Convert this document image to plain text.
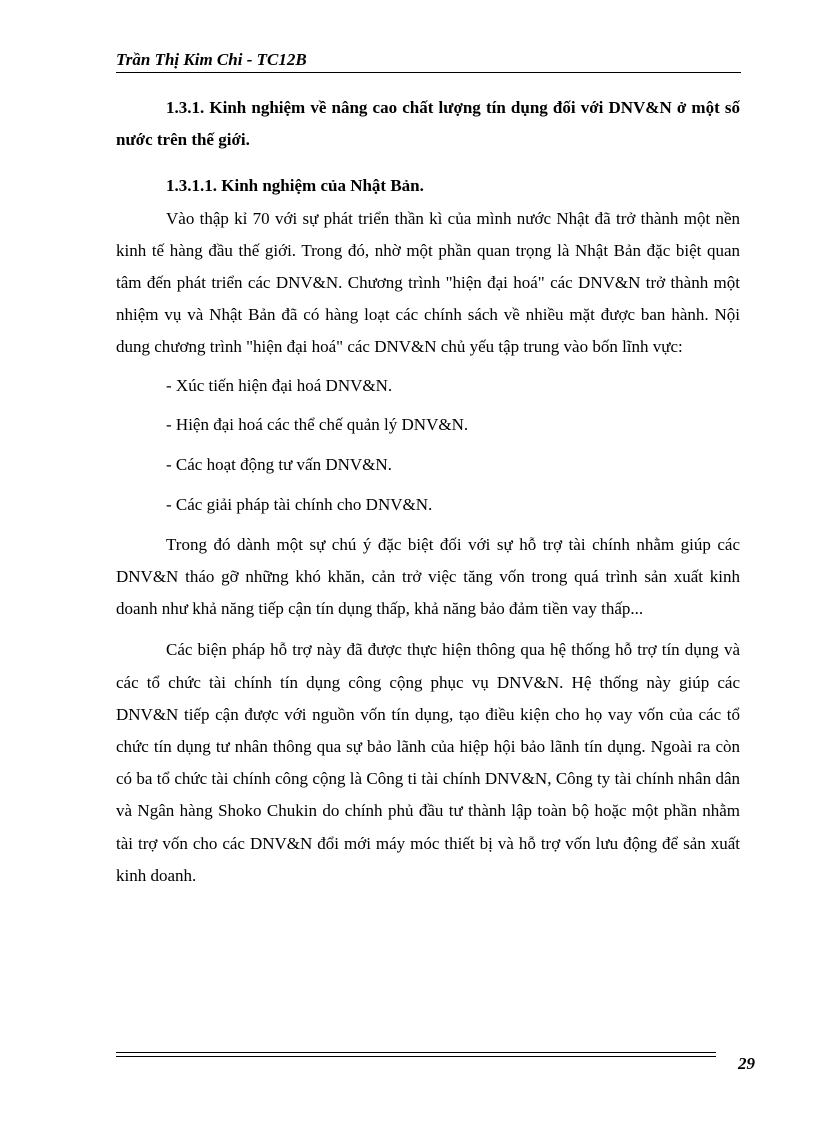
Trần Thị Kim Chi - TC12B

1.3.1. Kinh nghiệm về nâng cao chất lượng tín dụng đối với DNV&N ở một số nước trên thế giới.

1.3.1.1. Kinh nghiệm của Nhật Bản.

Vào thập kỉ 70 với sự phát triển thần kì của mình nước Nhật đã trở thành một nền kinh tế hàng đầu thế giới. Trong đó, nhờ một phần quan trọng là Nhật Bản đặc biệt quan tâm đến phát triển các DNV&N. Chương trình "hiện đại hoá" các DNV&N trở thành một nhiệm vụ và Nhật Bản đã có hàng loạt các chính sách về nhiều mặt được ban hành. Nội dung chương trình "hiện đại hoá" các DNV&N chủ yếu tập trung vào bốn lĩnh vực:

- Xúc tiến hiện đại hoá DNV&N.
- Hiện đại hoá các thể chế quản lý DNV&N.
- Các hoạt động tư vấn DNV&N.
- Các giải pháp tài chính cho DNV&N.

Trong đó dành một sự chú ý đặc biệt đối với sự hỗ trợ tài chính nhằm giúp các DNV&N tháo gỡ những khó khăn, cản trở việc tăng vốn trong quá trình sản xuất kinh doanh như khả năng tiếp cận tín dụng thấp, khả năng bảo đảm tiền vay thấp...

Các biện pháp hỗ trợ này đã được thực hiện thông qua hệ thống hỗ trợ tín dụng và các tổ chức tài chính tín dụng công cộng phục vụ DNV&N. Hệ thống này giúp các DNV&N tiếp cận được với nguồn vốn tín dụng, tạo điều kiện cho họ vay vốn của các tổ chức tín dụng tư nhân thông qua sự bảo lãnh của hiệp hội bảo lãnh tín dụng. Ngoài ra còn có ba tổ chức tài chính công cộng là Công ti tài chính DNV&N, Công ty tài chính nhân dân và Ngân hàng Shoko Chukin do chính phủ đầu tư thành lập toàn bộ hoặc một phần nhằm tài trợ vốn cho các DNV&N đổi mới máy móc thiết bị và hỗ trợ vốn lưu động để sản xuất kinh doanh.

29
